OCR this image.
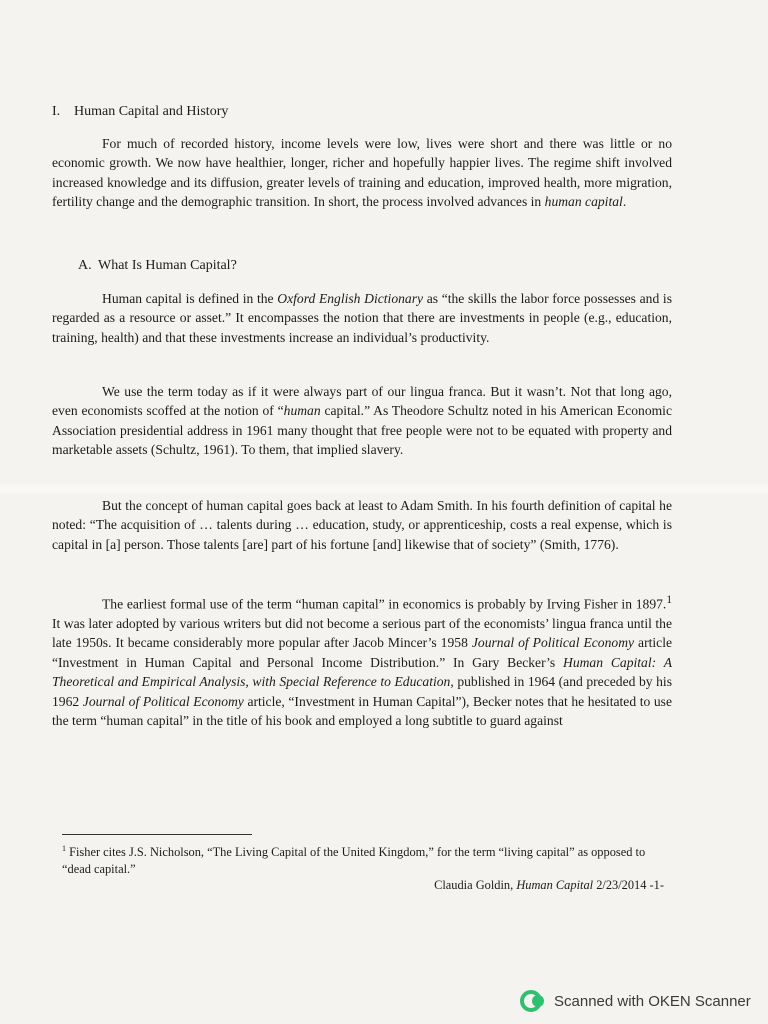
I. Human Capital and History

For much of recorded history, income levels were low, lives were short and there was little or no economic growth. We now have healthier, longer, richer and hopefully happier lives. The regime shift involved increased knowledge and its diffusion, greater levels of training and education, improved health, more migration, fertility change and the demographic transition. In short, the process involved advances in human capital.

A. What Is Human Capital?

Human capital is defined in the Oxford English Dictionary as “the skills the labor force possesses and is regarded as a resource or asset.” It encompasses the notion that there are investments in people (e.g., education, training, health) and that these investments increase an individual’s productivity.

We use the term today as if it were always part of our lingua franca. But it wasn’t. Not that long ago, even economists scoffed at the notion of “human capital.” As Theodore Schultz noted in his American Economic Association presidential address in 1961 many thought that free people were not to be equated with property and marketable assets (Schultz, 1961). To them, that implied slavery.

But the concept of human capital goes back at least to Adam Smith. In his fourth definition of capital he noted: “The acquisition of … talents during … education, study, or apprenticeship, costs a real expense, which is capital in [a] person. Those talents [are] part of his fortune [and] likewise that of society” (Smith, 1776).

The earliest formal use of the term “human capital” in economics is probably by Irving Fisher in 1897.$^1$ It was later adopted by various writers but did not become a serious part of the economists’ lingua franca until the late 1950s. It became considerably more popular after Jacob Mincer’s 1958 Journal of Political Economy article “Investment in Human Capital and Personal Income Distribution.” In Gary Becker’s Human Capital: A Theoretical and Empirical Analysis, with Special Reference to Education, published in 1964 (and preceded by his 1962 Journal of Political Economy article, “Investment in Human Capital”), Becker notes that he hesitated to use the term “human capital” in the title of his book and employed a long subtitle to guard against

$^1$ Fisher cites J.S. Nicholson, “The Living Capital of the United Kingdom,” for the term “living capital” as opposed to “dead capital.”

Claudia Goldin, Human Capital 2/23/2014 -1-
Scanned with OKEN Scanner
